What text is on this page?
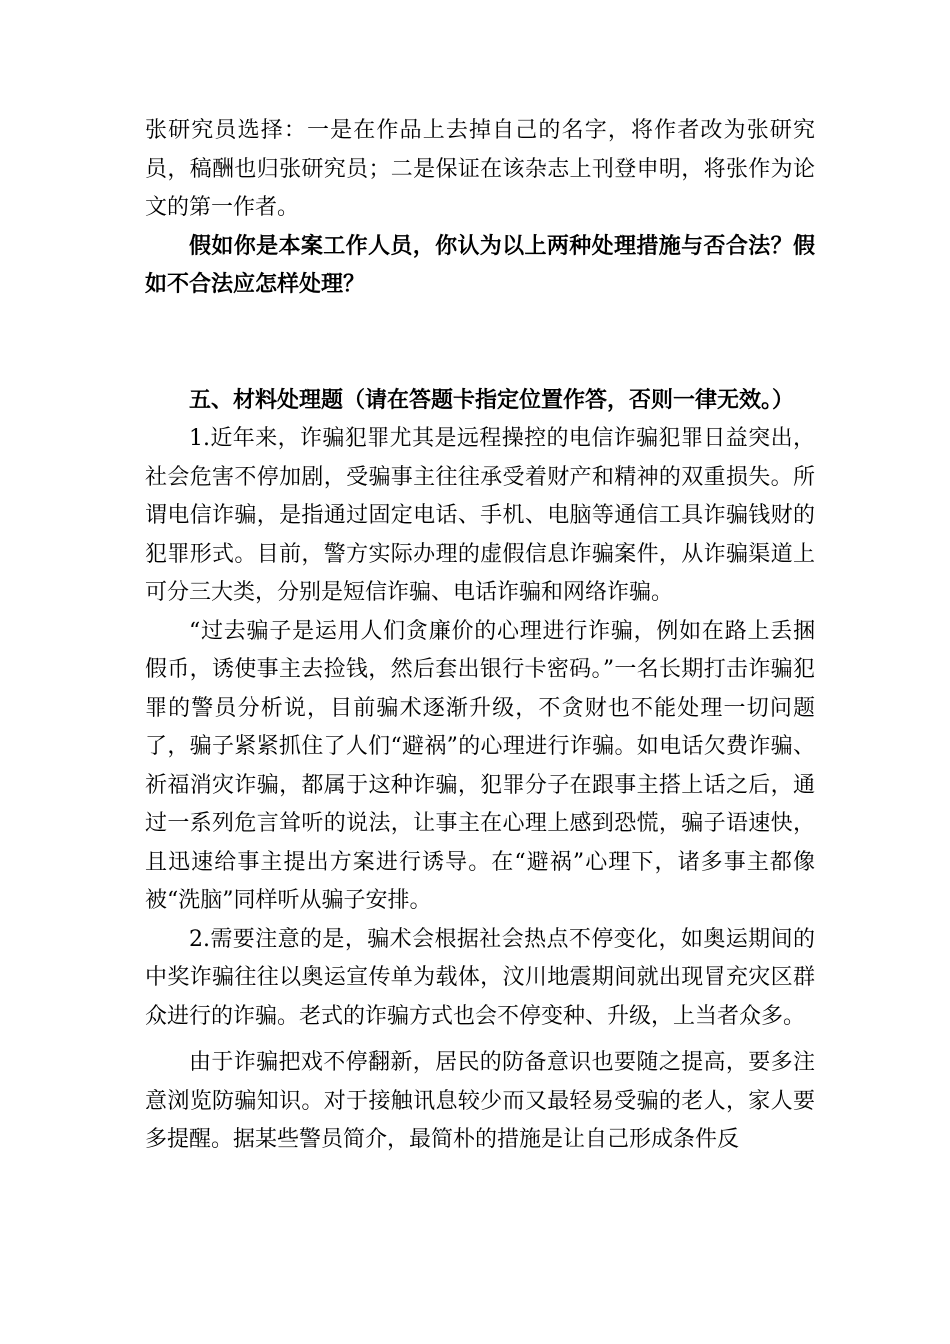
张研究员选择：一是在作品上去掉自己的名字，将作者改为张研究员，稿酬也归张研究员；二是保证在该杂志上刊登申明，将张作为论文的第一作者。

假如你是本案工作人员，你认为以上两种处理措施与否合法？假如不合法应怎样处理？

五、材料处理题（请在答题卡指定位置作答，否则一律无效。）

1.近年来，诈骗犯罪尤其是远程操控的电信诈骗犯罪日益突出，社会危害不停加剧，受骗事主往往承受着财产和精神的双重损失。所谓电信诈骗，是指通过固定电话、手机、电脑等通信工具诈骗钱财的犯罪形式。目前，警方实际办理的虚假信息诈骗案件，从诈骗渠道上可分三大类，分别是短信诈骗、电话诈骗和网络诈骗。

“过去骗子是运用人们贪廉价的心理进行诈骗，例如在路上丢捆假币，诱使事主去捡钱，然后套出银行卡密码。”一名长期打击诈骗犯罪的警员分析说，目前骗术逐渐升级，不贪财也不能处理一切问题了，骗子紧紧抓住了人们“避祸”的心理进行诈骗。如电话欠费诈骗、祈福消灾诈骗，都属于这种诈骗，犯罪分子在跟事主搭上话之后，通过一系列危言耸听的说法，让事主在心理上感到恐慌，骗子语速快，且迅速给事主提出方案进行诱导。在“避祸”心理下，诸多事主都像被“洗脑”同样听从骗子安排。

2.需要注意的是，骗术会根据社会热点不停变化，如奥运期间的中奖诈骗往往以奥运宣传单为载体，汶川地震期间就出现冒充灾区群众进行的诈骗。老式的诈骗方式也会不停变种、升级，上当者众多。

由于诈骗把戏不停翻新，居民的防备意识也要随之提高，要多注意浏览防骗知识。对于接触讯息较少而又最轻易受骗的老人，家人要多提醒。据某些警员简介，最简朴的措施是让自己形成条件反
